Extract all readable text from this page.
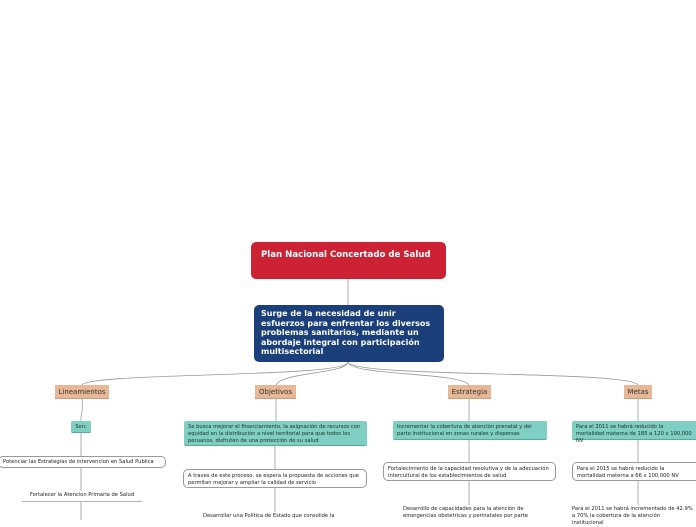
Plan Nacional Concertado de Salud
Surge de la necesidad de unir esfuerzos para enfrentar los diversos problemas sanitarios, mediante un abordaje integral con participación multisectorial
Lineamientos	Objetivos	Estrategia	Metas
Son:
Potenciar las Estrategias de intervencion en Salud Publica
Fortalecer la Atencion Primaria de Salud
Se busca mejorar el financiamiento, la asignación de recursos con equidad en la distribución a nivel territorial para que todos los peruanos, disfruten de una protección de su salud
A traves de este proceso, se espera la propuesta de acciones que permitan mejorar y ampliar la calidad de servicio
Desarrollar una Política de Estado que consolide la
Incrementar la cobertura de atención prenatal y del parto institucional en zonas rurales y dispersas
Fortalecimiento de la capacidad resolutiva y de la adecuación intercultural de los establecimientos de salud
Desarrollo de capacidades para la atención de emergencias obstétricas y perinatales por parte
Para el 2011 se habrá reducido la mortalidad materna de 185 a 120 x 100,000 NV
Para el 2015 se habrá reducido la mortalidad materna a 66 x 100,000 NV
Para el 2011 se habrá incrementado de 42.9% a 70% la cobertura de la atención institucional
